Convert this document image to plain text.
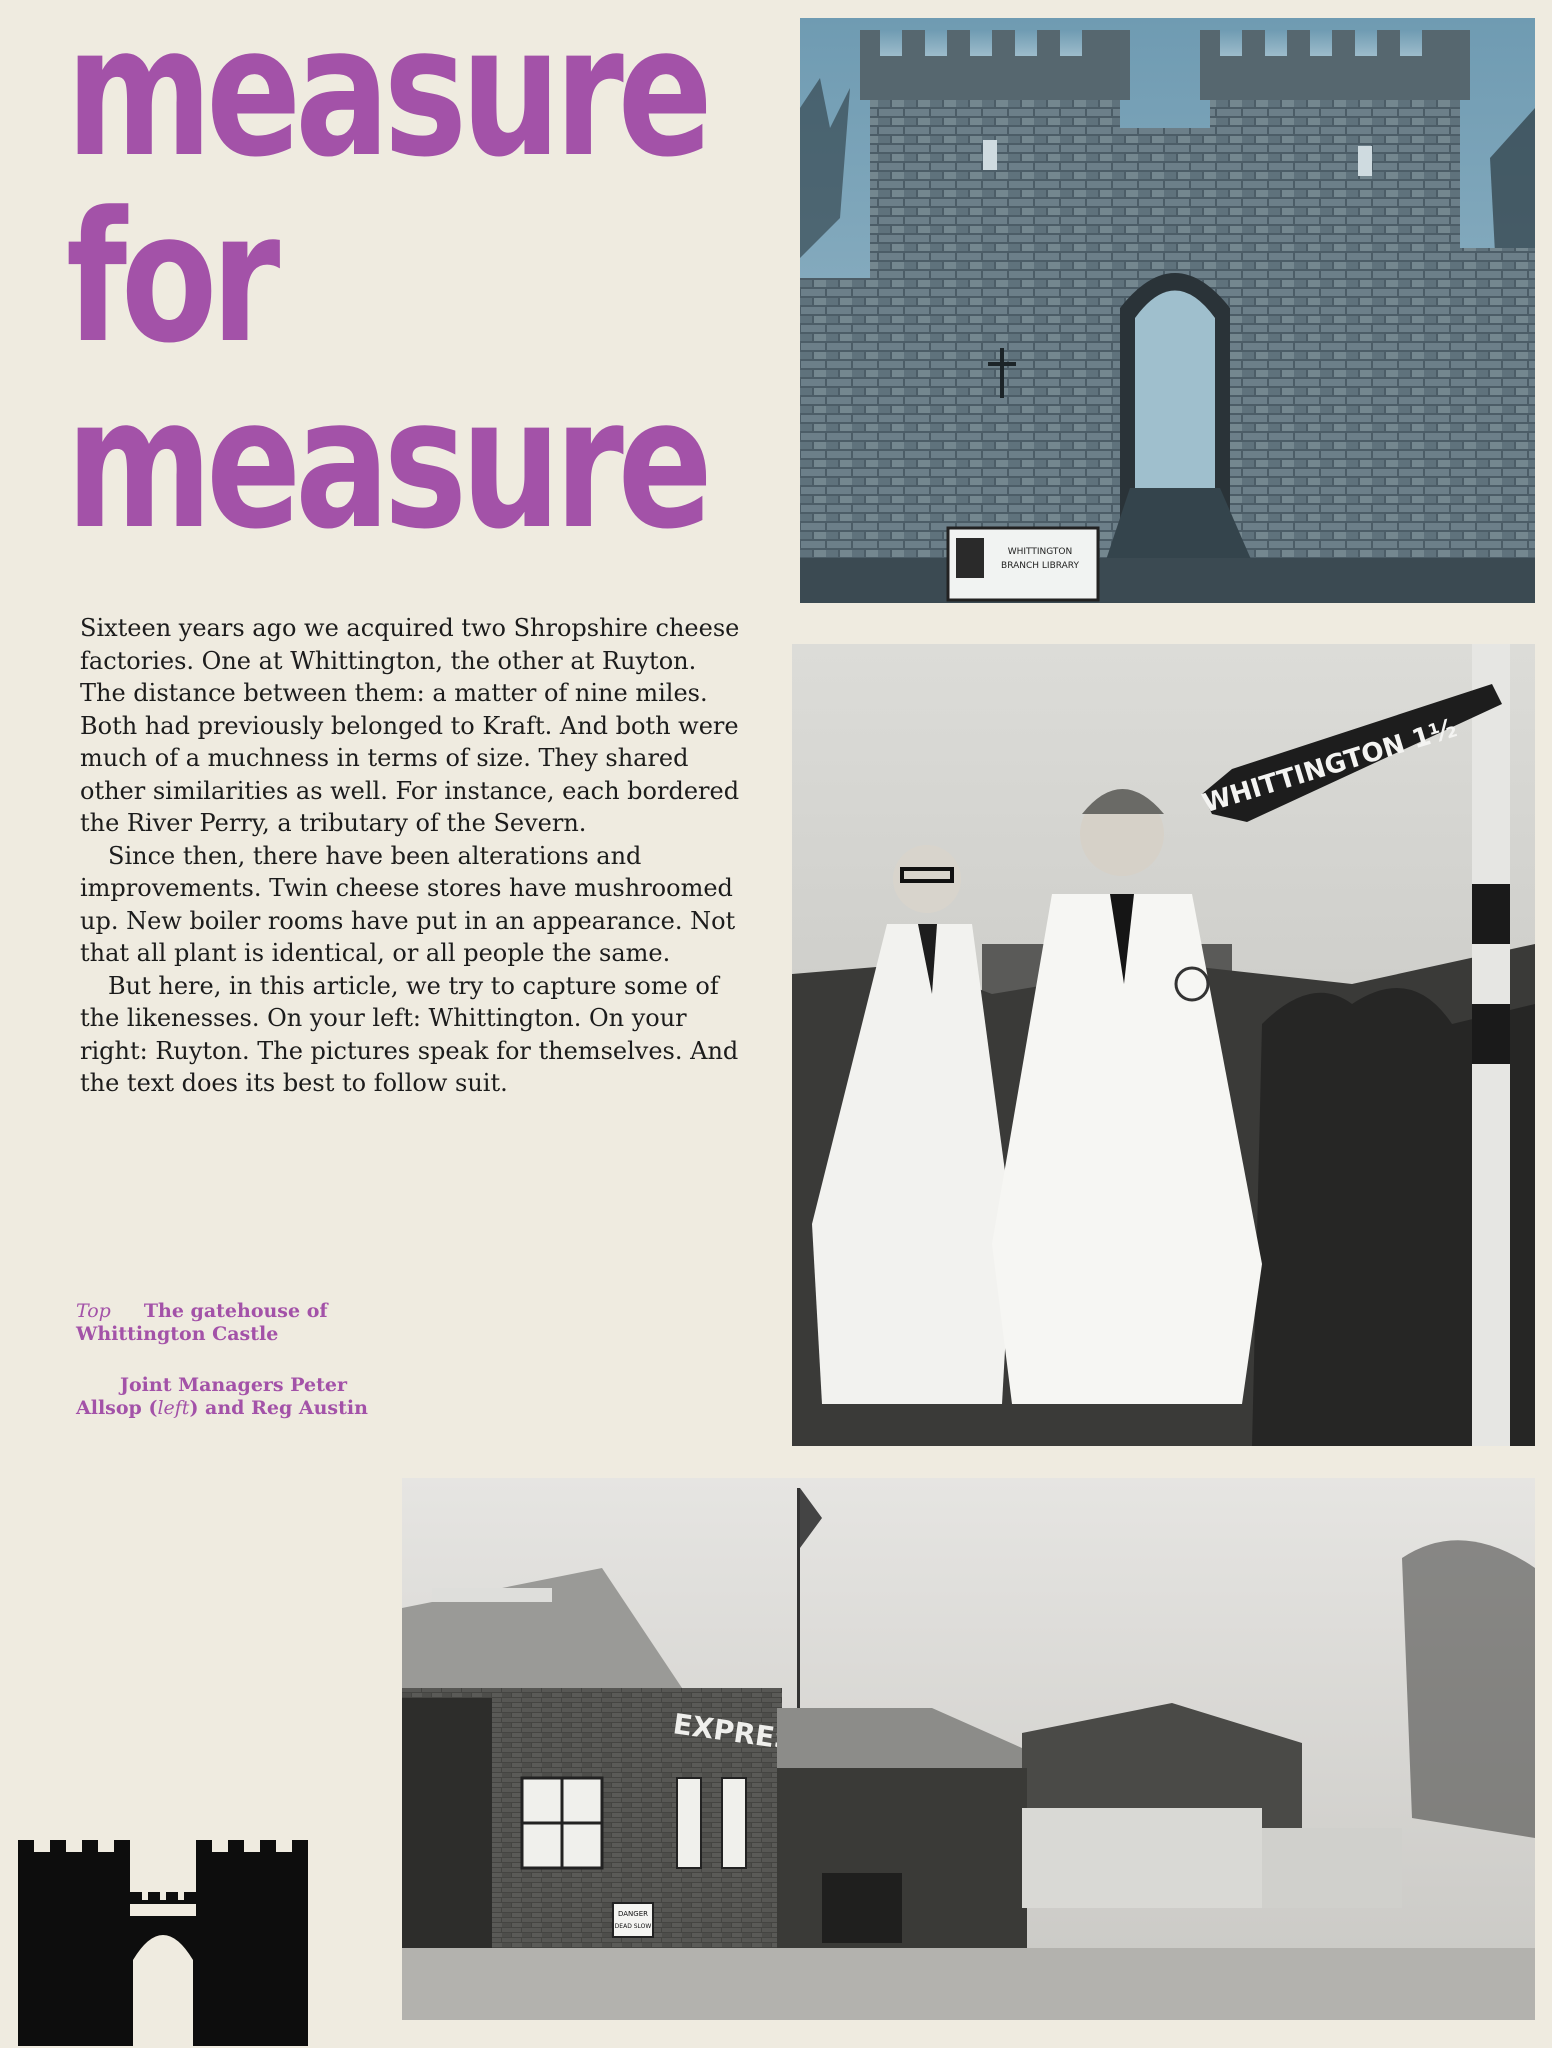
measure
for
measure

Sixteen years ago we acquired two Shropshire cheese factories. One at Whittington, the other at Ruyton. The distance between them: a matter of nine miles. Both had previously belonged to Kraft. And both were much of a muchness in terms of size. They shared other similarities as well. For instance, each bordered the River Perry, a tributary of the Severn.

Since then, there have been alterations and improvements. Twin cheese stores have mushroomed up. New boiler rooms have put in an appearance. Not that all plant is identical, or all people the same.

But here, in this article, we try to capture some of the likenesses. On your left: Whittington. On your right: Ruyton. The pictures speak for themselves. And the text does its best to follow suit.

Top The gatehouse of Whittington Castle
Joint Managers Peter Allsop (left) and Reg Austin
WHITTINGTON
BRANCH LIBRARY
WHITTINGTON 1½
DANGER
DEAD SLOW
EXPRESS
